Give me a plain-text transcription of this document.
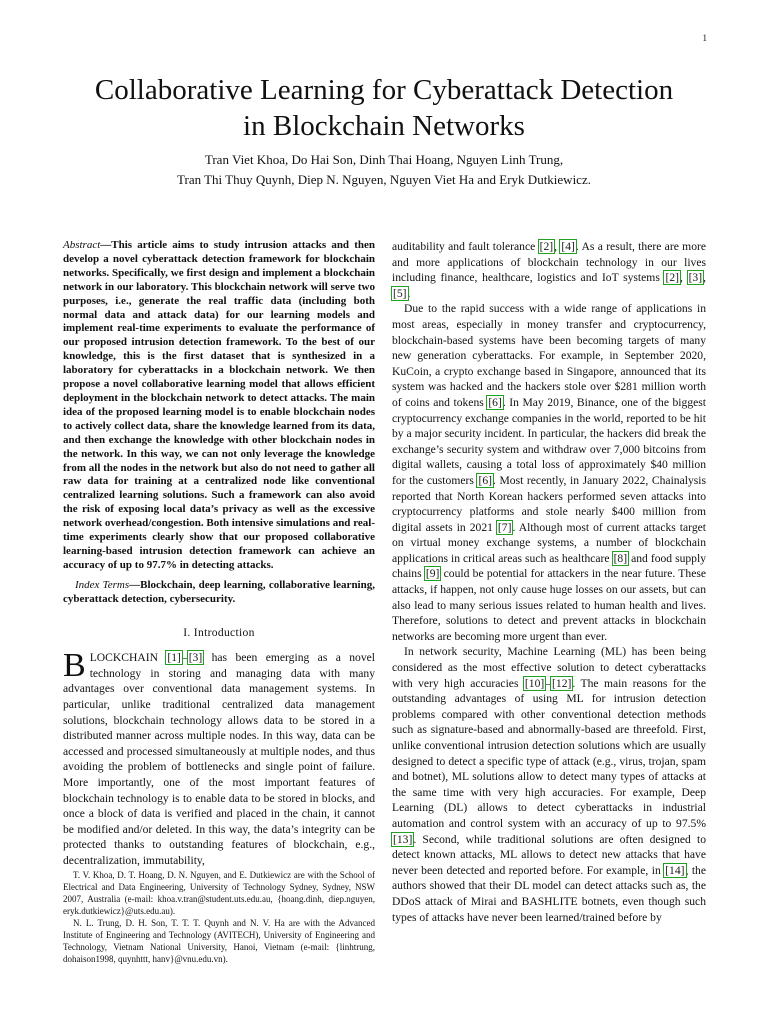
1
Collaborative Learning for Cyberattack Detection
in Blockchain Networks
Tran Viet Khoa, Do Hai Son, Dinh Thai Hoang, Nguyen Linh Trung,
Tran Thi Thuy Quynh, Diep N. Nguyen, Nguyen Viet Ha and Eryk Dutkiewicz.

Abstract—This article aims to study intrusion attacks and then develop a novel cyberattack detection framework for blockchain networks. Specifically, we first design and implement a blockchain network in our laboratory. This blockchain network will serve two purposes, i.e., generate the real traffic data (including both normal data and attack data) for our learning models and implement real-time experiments to evaluate the performance of our proposed intrusion detection framework. To the best of our knowledge, this is the first dataset that is synthesized in a laboratory for cyberattacks in a blockchain network. We then propose a novel collaborative learning model that allows efficient deployment in the blockchain network to detect attacks. The main idea of the proposed learning model is to enable blockchain nodes to actively collect data, share the knowledge learned from its data, and then exchange the knowledge with other blockchain nodes in the network. In this way, we can not only leverage the knowledge from all the nodes in the network but also do not need to gather all raw data for training at a centralized node like conventional centralized learning solutions. Such a framework can also avoid the risk of exposing local data’s privacy as well as the excessive network overhead/congestion. Both intensive simulations and real-time experiments clearly show that our proposed collaborative learning-based intrusion detection framework can achieve an accuracy of up to 97.7% in detecting attacks.

Index Terms—Blockchain, deep learning, collaborative learning, cyberattack detection, cybersecurity.

I. Introduction

BLOCKCHAIN [1]–[3] has been emerging as a novel technology in storing and managing data with many advantages over conventional data management systems. In particular, unlike traditional centralized data management solutions, blockchain technology allows data to be stored in a distributed manner across multiple nodes. In this way, data can be accessed and processed simultaneously at multiple nodes, and thus avoiding the problem of bottlenecks and single point of failure. More importantly, one of the most important features of blockchain technology is to enable data to be stored in blocks, and once a block of data is verified and placed in the chain, it cannot be modified and/or deleted. In this way, the data’s integrity can be protected thanks to outstanding features of blockchain, e.g., decentralization, immutability,

T. V. Khoa, D. T. Hoang, D. N. Nguyen, and E. Dutkiewicz are with the School of Electrical and Data Engineering, University of Technology Sydney, Sydney, NSW 2007, Australia (e-mail: khoa.v.tran@student.uts.edu.au, {hoang.dinh, diep.nguyen, eryk.dutkiewicz}@uts.edu.au).

N. L. Trung, D. H. Son, T. T. T. Quynh and N. V. Ha are with the Advanced Institute of Engineering and Technology (AVITECH), University of Engineering and Technology, Vietnam National University, Hanoi, Vietnam (e-mail: {linhtrung, dohaison1998, quynhttt, hanv}@vnu.edu.vn).

auditability and fault tolerance [2], [4]. As a result, there are more and more applications of blockchain technology in our lives including finance, healthcare, logistics and IoT systems [2], [3], [5].

Due to the rapid success with a wide range of applications in most areas, especially in money transfer and cryptocurrency, blockchain-based systems have been becoming targets of many new generation cyberattacks. For example, in September 2020, KuCoin, a crypto exchange based in Singapore, announced that its system was hacked and the hackers stole over $281 million worth of coins and tokens [6]. In May 2019, Binance, one of the biggest cryptocurrency exchange companies in the world, reported to be hit by a major security incident. In particular, the hackers did break the exchange’s security system and withdraw over 7,000 bitcoins from digital wallets, causing a total loss of approximately $40 million for the customers [6]. Most recently, in January 2022, Chainalysis reported that North Korean hackers performed seven attacks into cryptocurrency platforms and stole nearly $400 million from digital assets in 2021 [7]. Although most of current attacks target on virtual money exchange systems, a number of blockchain applications in critical areas such as healthcare [8] and food supply chains [9] could be potential for attackers in the near future. These attacks, if happen, not only cause huge losses on our assets, but can also lead to many serious issues related to human health and lives. Therefore, solutions to detect and prevent attacks in blockchain networks are becoming more urgent than ever.

In network security, Machine Learning (ML) has been being considered as the most effective solution to detect cyberattacks with very high accuracies [10]–[12]. The main reasons for the outstanding advantages of using ML for intrusion detection problems compared with other conventional detection methods such as signature-based and abnormally-based are threefold. First, unlike conventional intrusion detection solutions which are usually designed to detect a specific type of attack (e.g., virus, trojan, spam and botnet), ML solutions allow to detect many types of attacks at the same time with very high accuracies. For example, Deep Learning (DL) allows to detect cyberattacks in industrial automation and control system with an accuracy of up to 97.5% [13]. Second, while traditional solutions are often designed to detect known attacks, ML allows to detect new attacks that have never been detected and reported before. For example, in [14], the authors showed that their DL model can detect attacks such as, the DDoS attack of Mirai and BASHLITE botnets, even though such types of attacks have never been learned/trained before by
